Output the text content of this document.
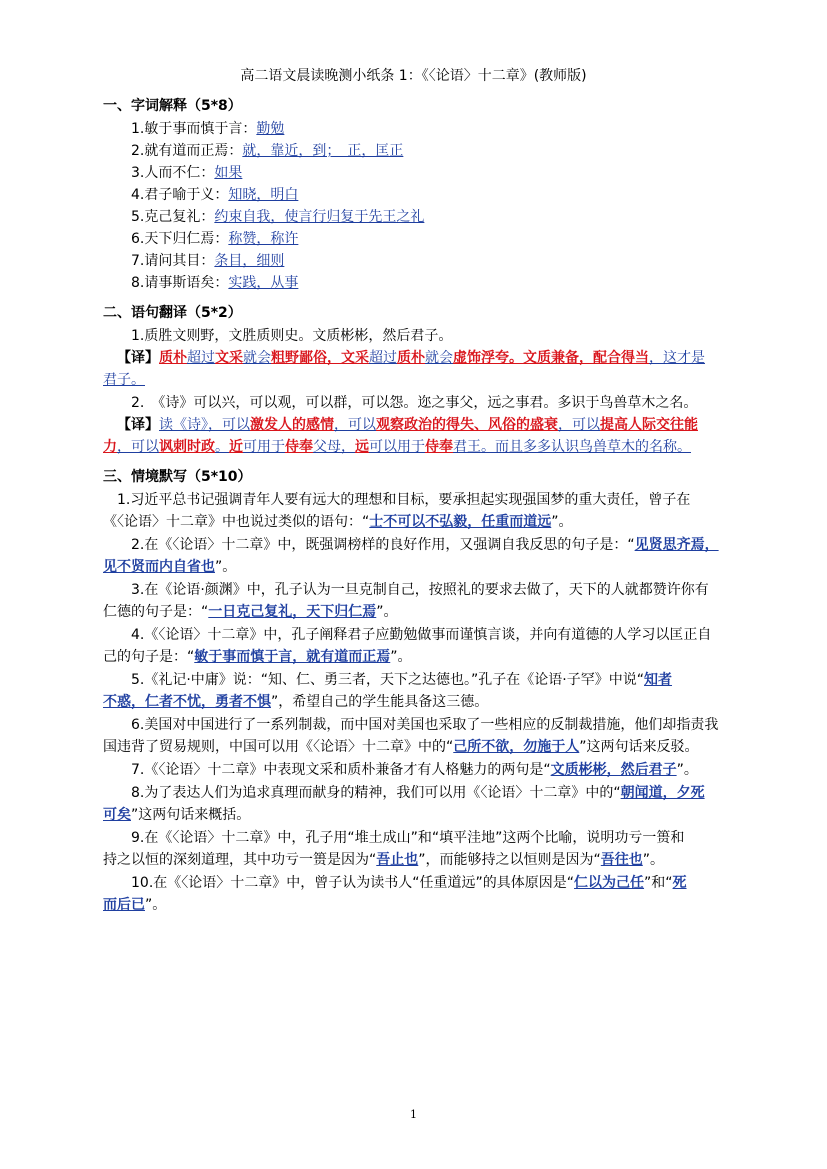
高二语文晨读晚测小纸条 1：《〈论语〉十二章》(教师版)
一、字词解释（5*8）
1.敏于事而慎于言：勤勉
2.就有道而正焉：就，靠近，到；　正，匡正
3.人而不仁：如果
4.君子喻于义：知晓，明白
5.克己复礼：约束自我，使言行归复于先王之礼
6.天下归仁焉：称赞，称许
7.请问其目：条目，细则
8.请事斯语矣：实践，从事
二、语句翻译（5*2）
1.质胜文则野，文胜质则史。文质彬彬，然后君子。
【译】质朴超过文采就会粗野鄙俗，文采超过质朴就会虚饰浮夸。文质兼备，配合得当，这才是
君子。
2.　《诗》可以兴，可以观，可以群，可以怨。迩之事父，远之事君。多识于鸟兽草木之名。
【译】读《诗》，可以激发人的感情，可以观察政治的得失、风俗的盛衰，可以提高人际交往能
力，可以讽刺时政。近可用于侍奉父母，远可以用于侍奉君王。而且多多认识鸟兽草木的名称。
三、情境默写（5*10）
1.习近平总书记强调青年人要有远大的理想和目标，要承担起实现强国梦的重大责任，曾子在
《〈论语〉十二章》中也说过类似的语句：“士不可以不弘毅，任重而道远”。
2.在《〈论语〉十二章》中，既强调榜样的良好作用，又强调自我反思的句子是：“见贤思齐焉，
见不贤而内自省也”。
3.在《论语·颜渊》中，孔子认为一旦克制自己，按照礼的要求去做了，天下的人就都赞许你有
仁德的句子是：“一日克己复礼，天下归仁焉”。
4.《〈论语〉十二章》中，孔子阐释君子应勤勉做事而谨慎言谈，并向有道德的人学习以匡正自
己的句子是：“敏于事而慎于言，就有道而正焉”。
5.《礼记·中庸》说：“知、仁、勇三者，天下之达德也。”孔子在《论语·子罕》中说“知者
不惑，仁者不忧，勇者不惧”，希望自己的学生能具备这三德。
6.美国对中国进行了一系列制裁，而中国对美国也采取了一些相应的反制裁措施，他们却指责我
国违背了贸易规则，中国可以用《〈论语〉十二章》中的“己所不欲，勿施于人”这两句话来反驳。
7.《〈论语〉十二章》中表现文采和质朴兼备才有人格魅力的两句是“文质彬彬，然后君子”。
8.为了表达人们为追求真理而献身的精神，我们可以用《〈论语〉十二章》中的“朝闻道，夕死
可矣”这两句话来概括。
9.在《〈论语〉十二章》中，孔子用“堆土成山”和“填平洼地”这两个比喻，说明功亏一篑和
持之以恒的深刻道理，其中功亏一篑是因为“吾止也”，而能够持之以恒则是因为“吾往也”。
10.在《〈论语〉十二章》中，曾子认为读书人“任重道远”的具体原因是“仁以为己任”和“死
而后已”。
1
